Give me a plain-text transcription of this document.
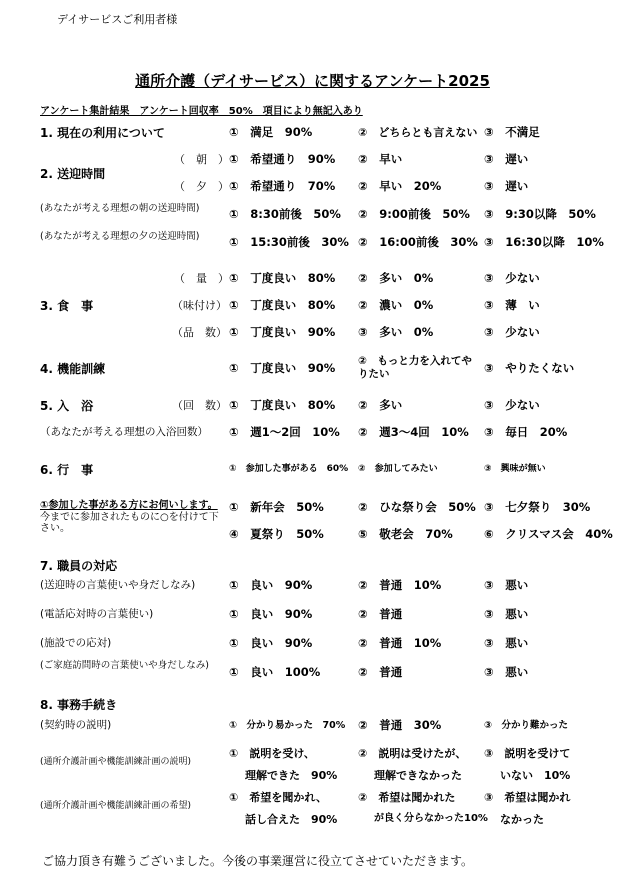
デイサービスご利用者様
通所介護（デイサービス）に関するアンケート2025
アンケート集計結果　アンケート回収率　50%　項目により無記入あり
1. 現在の利用について	①　満足　90%	②　どちらとも言えない ③　不満足
2. 送迎時間
（　朝　） ①　希望通り　90% ②　早い	③　遅い
（　夕　） ①　希望通り　70% ②　早い　20%	③　遅い
(あなたが考える理想の朝の送迎時間)	①　8:30前後　50% ②　9:00前後　50% ③　9:30以降　50%
(あなたが考える理想の夕の送迎時間)	①　15:30前後　30% ②　16:00前後　30% ③　16:30以降　10%
（　量　） ①　丁度良い　80% ②　多い　0%	③　少ない
3. 食　事	（味付け） ①　丁度良い　80% ②　濃い　0%	③　薄　い
（品　数） ①　丁度良い　90% ③　多い　0%	③　少ない
4. 機能訓練	①　丁度良い　90% ②　もっと力を入れてやりたい	③　やりたくない
5. 入　浴	（回　数） ①　丁度良い　80% ②　多い	③　少ない
（あなたが考える理想の入浴回数） ①　週1～2回　10% ②　週3～4回　10% ③　毎日　20%
6. 行　事	①　参加した事がある　60% ②　参加してみたい	③　興味が無い
①参加した事がある方にお伺いします。今までに参加されたものに○を付けて下さい。
①　新年会　50%	②　ひな祭り会　50% ③　七夕祭り　30%
④　夏祭り　50%	⑤　敬老会　70%	⑥　クリスマス会　40%
7. 職員の対応
(送迎時の言葉使いや身だしなみ)	①　良い　90%	②　普通　10%	③　悪い
(電話応対時の言葉使い)	①　良い　90%	②　普通	③　悪い
(施設での応対)	①　良い　90%	②　普通　10%	③　悪い
(ご家庭訪問時の言葉使いや身だしなみ)	①　良い　100%	②　普通	③　悪い
8. 事務手続き
(契約時の説明)	①　分かり易かった　70% ②　普通　30%	③　分かり難かった
(通所介護計画や機能訓練計画の説明)
①　説明を受け、
理解できた　90%
②　説明は受けたが、
理解できなかった
③　説明を受けて
いない　10%
(通所介護計画や機能訓練計画の希望)
①　希望を聞かれ、
話し合えた　90%
②　希望は聞かれた
が良く分らなかった10%
③　希望は聞かれ
なかった
ご協力頂き有難うございました。今後の事業運営に役立てさせていただきます。
